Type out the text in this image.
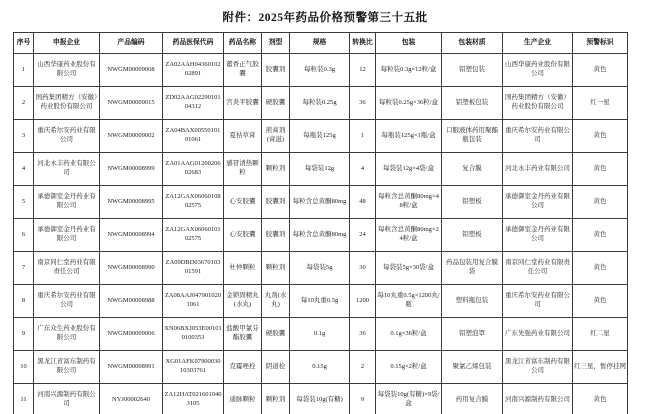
附件：2025年药品价格预警第三十五批
序号	申报企业	产品编码	药品医保代码	药品名称	剂型	规格	转换比	包装	包装材质	生产企业	预警标识
1	山西华康药业股份有限公司	NWGM00009008	ZA02AAH0436010202891	藿香正气胶囊	胶囊剂	每粒装0.3g	12	每粒装0.3g×12粒/盒	铝塑包装	山西华康药业股份有限公司	黄色
2	国药集团精方（安徽）药业股份有限公司	NWGM00009015	ZD02AAG0229010104312	宫炎平胶囊	硬胶囊	每粒装0.25g	36	每粒装0.25g×36粒/盒	铝塑板包装	国药集团精方（安徽）药业股份有限公司	红一星
3	重庆希尔安药业有限公司	NWGM00009002	ZA04BAX0055010101061	夏枯草膏	煎膏剂(膏滋)	每瓶装125g	1	每瓶装125g×1瓶/盒	口服液体药用聚酯瓶包装	重庆希尔安药业有限公司	黄色
4	河北永丰药业有限公司	NWGM00008999	ZA01AAG0120020602683	感冒清热颗粒	颗粒剂	每袋装12g	4	每袋装12g×4袋/盒	复合膜	河北永丰药业有限公司	黄色
5	承德御室金丹药业有限公司	NWGM00008995	ZA12GAX0606010802575	心安胶囊	胶囊剂	每粒含总黄酮80mg	48	每粒含总黄酮80mg×48粒/盒	铝塑板	承德御室金丹药业有限公司	黄色
6	承德御室金丹药业有限公司	NWGM00008994	ZA12GAX0606010102575	心安胶囊	胶囊剂	每粒含总黄酮80mg	24	每粒含总黄酮80mg×24粒/盒	铝塑板	承德御室金丹药业有限公司	黄色
7	南京同仁堂药业有限责任公司	NWGM00008990	ZA09DBD0367010301591	杜仲颗粒	颗粒剂	每袋装5g	30	每袋装5g×30袋/盒	药品包装用复合膜袋	南京同仁堂药业有限责任公司	黄色
8	重庆希尔安药业有限公司	NWGM00008988	ZA08AAJ0479010201061	金锁固精丸(水丸)	丸剂(水丸)	每10丸重0.5g	1200	每10丸重0.5g×1200丸/瓶	塑料瓶包装	重庆希尔安药业有限公司	黄色
9	广东众生药业股份有限公司	NWGM00009006	XN06BXJ053E001010100353	盐酸甲氯芬酯胶囊	硬胶囊	0.1g	36	0.1g×36粒/盒	铝塑泡罩	广东先强药业有限公司	红二星
10	黑龙江省富东制药有限公司	NWGM00008991	XG01AFK0790003010303761	克霉唑栓	阴道栓	0.15g	2	0.15g×2粒/盒	聚氯乙烯包装	黑龙江省富东制药有限公司	红三星，暂停挂网
11	河南兴源制药有限公司	NYJ00002640	ZA12HAT0216010403105	通脉颗粒	颗粒剂	每袋装10g(有糖)	9	每袋装10g(有糖)×9袋/盒	药用复合膜	河南兴源制药有限公司	黄色
